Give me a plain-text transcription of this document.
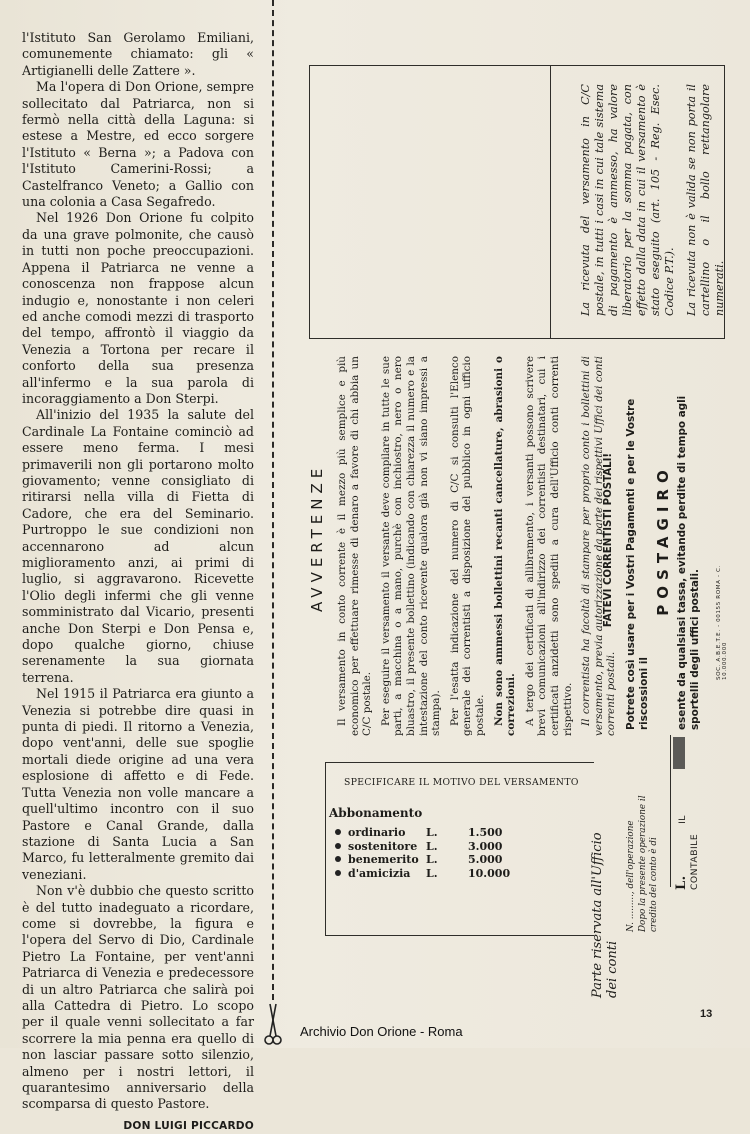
l'Istituto San Gerolamo Emiliani, comunemente chiamato: gli « Artigianelli delle Zattere ».

Ma l'opera di Don Orione, sempre sollecitato dal Patriarca, non si fermò nella città della Laguna: si estese a Mestre, ed ecco sorgere l'Istituto « Berna »; a Padova con l'Istituto Camerini-Rossi; a Castelfranco Veneto; a Gallio con una colonia a Casa Segafredo.

Nel 1926 Don Orione fu colpito da una grave polmonite, che causò in tutti non poche preoccupazioni. Appena il Patriarca ne venne a conoscenza non frappose alcun indugio e, nonostante i non celeri ed anche comodi mezzi di trasporto del tempo, affrontò il viaggio da Venezia a Tortona per recare il conforto della sua presenza all'infermo e la sua parola di incoraggiamento a Don Sterpi.

All'inizio del 1935 la salute del Cardinale La Fontaine cominciò ad essere meno ferma. I mesi primaverili non gli portarono molto giovamento; venne consigliato di ritirarsi nella villa di Fietta di Cadore, che era del Seminario. Purtroppo le sue condizioni non accennarono ad alcun miglioramento anzi, ai primi di luglio, si aggravarono. Ricevette l'Olio degli infermi che gli venne somministrato dal Vicario, presenti anche Don Sterpi e Don Pensa e, dopo qualche giorno, chiuse serenamente la sua giornata terrena.

Nel 1915 il Patriarca era giunto a Venezia si potrebbe dire quasi in punta di piedi. Il ritorno a Venezia, dopo vent'anni, delle sue spoglie mortali diede origine ad una vera esplosione di affetto e di Fede. Tutta Venezia non volle mancare a quell'ultimo incontro con il suo Pastore e Canal Grande, dalla stazione di Santa Lucia a San Marco, fu letteralmente gremito dai veneziani.

Non v'è dubbio che questo scritto è del tutto inadeguato a ricordare, come si dovrebbe, la figura e l'opera del Servo di Dio, Cardinale Pietro La Fontaine, per vent'anni Patriarca di Venezia e predecessore di un altro Patriarca che salirà poi alla Cattedra di Pietro. Lo scopo per il quale venni sollecitato a far scorrere la mia penna era quello di non lasciar passare sotto silenzio, almeno per i nostri lettori, il quarantesimo anniversario della scomparsa di questo Pastore.

DON LUIGI PICCARDO
Archivio Don Orione - Roma
13

La ricevuta del versamento in C/C postale, in tutti i casi in cui tale sistema di pagamento è ammesso, ha valore liberatorio per la somma pagata, con effetto dalla data in cui il versamento è stato eseguito (art. 105 - Reg. Esec. Codice P.T.). La ricevuta non è valida se non porta il cartellino o il bollo rettangolare numerati.

AVVERTENZE Il versamento in conto corrente è il mezzo più semplice e più economico per effettuare rimesse di denaro a favore di chi abbia un C/C postale. Per eseguire il versamento il versante deve compilare in tutte le sue parti, a macchina o a mano, purchè con inchiostro, nero o nero bluastro, il presente bollettino (indicando con chiarezza il numero e la intestazione del conto ricevente qualora già non vi siano impressi a stampa). Per l'esatta indicazione del numero di C/C si consulti l'Elenco generale dei correntisti a disposizione del pubblico in ogni ufficio postale. Non sono ammessi bollettini recanti cancellature, abrasioni o correzioni. A tergo dei certificati di allibramento, i versanti possono scrivere brevi comunicazioni all'indirizzo dei correntisti destinatari, cui i certificati anzidetti sono spediti a cura dell'Ufficio conti correnti rispettivo. Il correntista ha facoltà di stampare per proprio conto i bollettini di versamento, previa autorizzazione da parte dei rispettivi Uffici dei conti correnti postali.

FATEVI CORRENTISTI POSTALI! Potrete così usare per i Vostri Pagamenti e per le Vostre riscossioni il
POSTAGIRO esente da qualsiasi tassa, evitando perdite di tempo agli sportelli degli uffici postali.	SOC. A.B.E.T.E. - 00155 ROMA - C. 10.000.000
SPECIFICARE IL MOTIVO DEL VERSAMENTO
Abbonamento
ordinario L.	1.500
sostenitore L.	3.000
benemerito L.	5.000
d'amicizia L.	10.000	Parte riservata all'Ufficio dei conti
N. ........., dell'operazione Dopo la presente operazione il credito del conto è di L. IL CONTABILE
